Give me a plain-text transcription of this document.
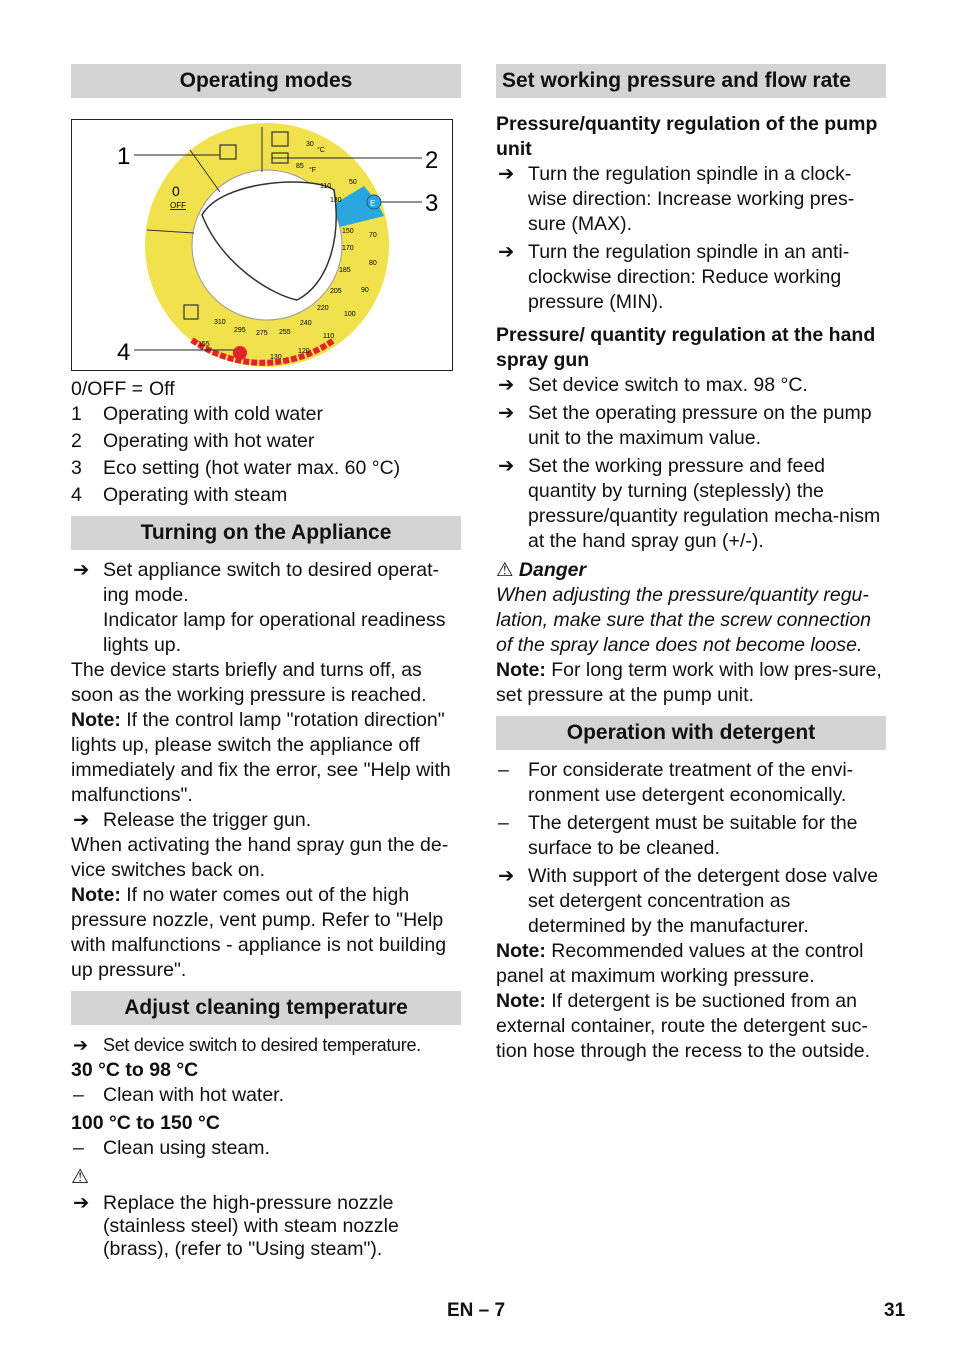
Operating modes
E
0
OFF
°C
°F
30
85
110
130
50
150
170
185
205
220
70
80
90
100
110
310
295 275 255
240
155
130
120
1	2
3
4

0/OFF = Off

1 Operating with cold water

2 Operating with hot water

3 Eco setting (hot water max. 60 °C)

4 Operating with steam

Turning on the Appliance

➔ Set appliance switch to desired operat-ing mode.

Indicator lamp for operational readiness lights up.

The device starts briefly and turns off, as soon as the working pressure is reached.

Note: If the control lamp "rotation direction" lights up, please switch the appliance off immediately and fix the error, see "Help with malfunctions".

➔ Release the trigger gun.

When activating the hand spray gun the de-vice switches back on.

Note: If no water comes out of the high pressure nozzle, vent pump. Refer to "Help with malfunctions - appliance is not building up pressure".

Adjust cleaning temperature

➔ Set device switch to desired temperature.

30 °C to 98 °C

– Clean with hot water.

100 °C to 150 °C

– Clean using steam.

⚠

➔ Replace the high-pressure nozzle (stainless steel) with steam nozzle (brass), (refer to "Using steam").

Set working pressure and flow rate

Pressure/quantity regulation of the pump unit

➔ Turn the regulation spindle in a clock-wise direction: Increase working pres-sure (MAX).

➔ Turn the regulation spindle in an anti-clockwise direction: Reduce working pressure (MIN).

Pressure/ quantity regulation at the hand spray gun

➔ Set device switch to max. 98 °C.

➔ Set the operating pressure on the pump unit to the maximum value.

➔ Set the working pressure and feed quantity by turning (steplessly) the pressure/quantity regulation mecha-nism at the hand spray gun (+/-).

⚠ Danger

When adjusting the pressure/quantity regu-lation, make sure that the screw connection of the spray lance does not become loose.

Note: For long term work with low pres-sure, set pressure at the pump unit.

Operation with detergent

– For considerate treatment of the envi-ronment use detergent economically.

– The detergent must be suitable for the surface to be cleaned.

➔ With support of the detergent dose valve set detergent concentration as determined by the manufacturer.

Note: Recommended values at the control panel at maximum working pressure.

Note: If detergent is be suctioned from an external container, route the detergent suc-tion hose through the recess to the outside.

EN – 7	31
